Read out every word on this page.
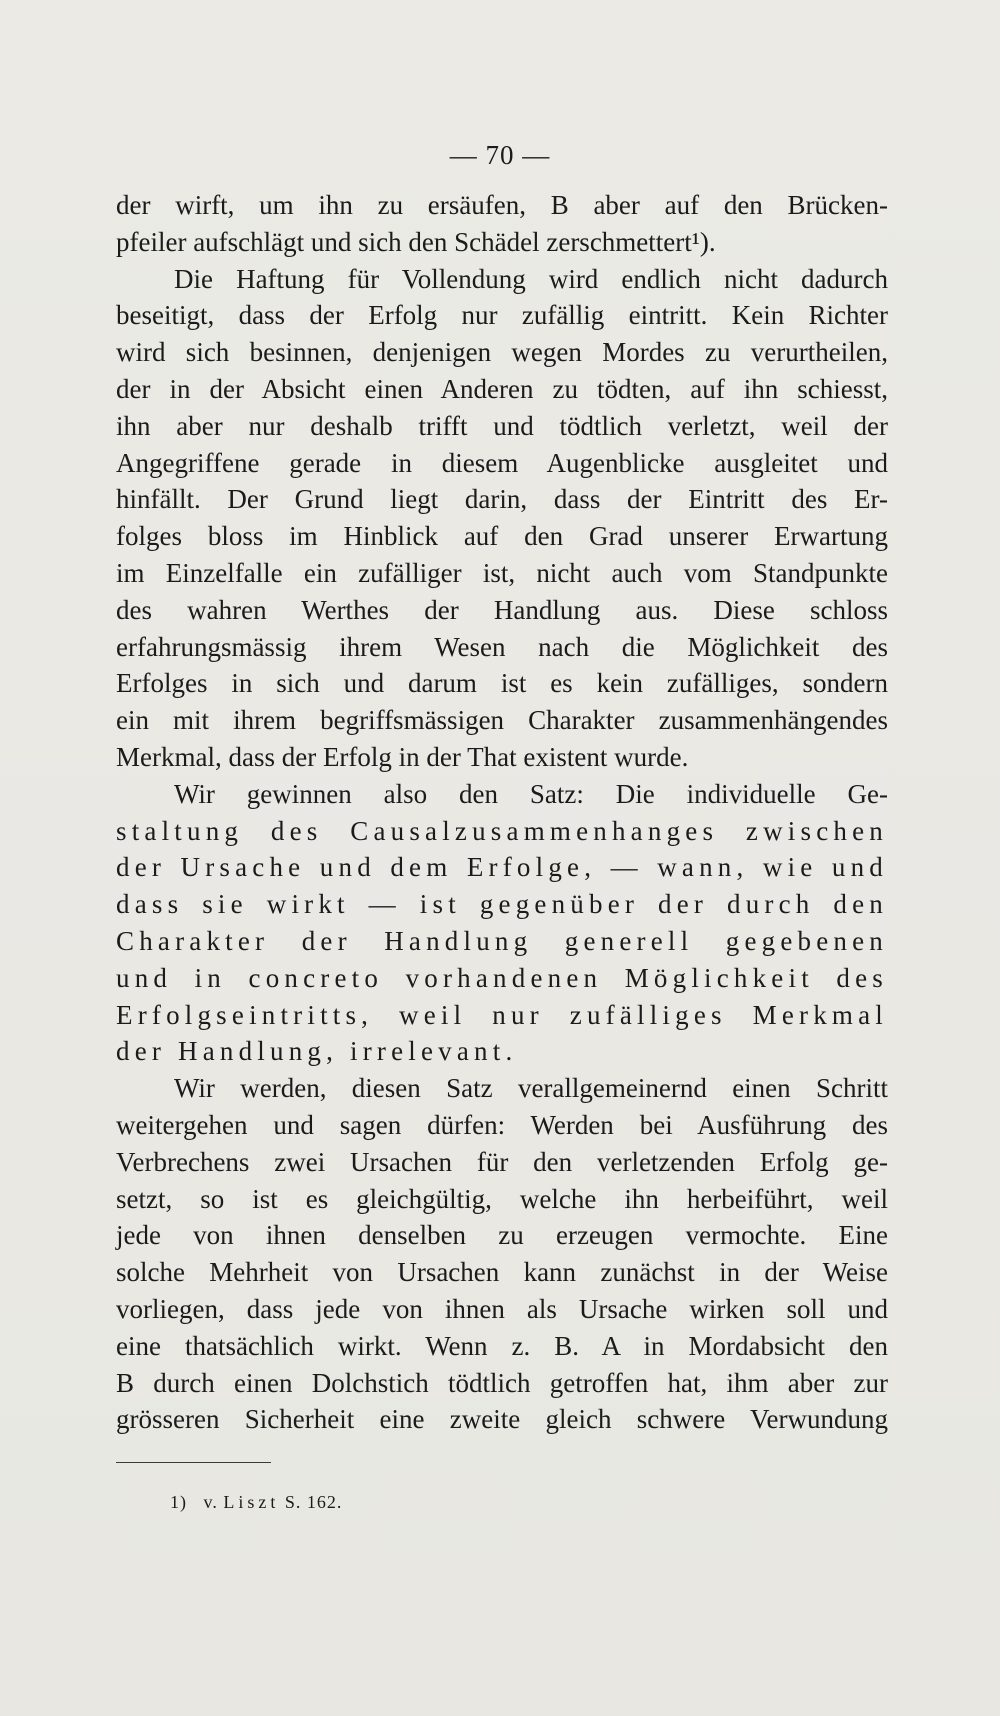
— 70 —
der wirft, um ihn zu ersäufen, B aber auf den Brücken-
pfeiler aufschlägt und sich den Schädel zerschmettert¹).
Die Haftung für Vollendung wird endlich nicht dadurch
beseitigt, dass der Erfolg nur zufällig eintritt. Kein Richter
wird sich besinnen, denjenigen wegen Mordes zu verurtheilen,
der in der Absicht einen Anderen zu tödten, auf ihn schiesst,
ihn aber nur deshalb trifft und tödtlich verletzt, weil der
Angegriffene gerade in diesem Augenblicke ausgleitet und
hinfällt. Der Grund liegt darin, dass der Eintritt des Er-
folges bloss im Hinblick auf den Grad unserer Erwartung
im Einzelfalle ein zufälliger ist, nicht auch vom Standpunkte
des wahren Werthes der Handlung aus. Diese schloss
erfahrungsmässig ihrem Wesen nach die Möglichkeit des
Erfolges in sich und darum ist es kein zufälliges, sondern
ein mit ihrem begriffsmässigen Charakter zusammenhängendes
Merkmal, dass der Erfolg in der That existent wurde.
Wir gewinnen also den Satz: Die individuelle Ge-
staltung des Causalzusammenhanges zwischen
der Ursache und dem Erfolge, — wann, wie und
dass sie wirkt — ist gegenüber der durch den
Charakter der Handlung generell gegebenen
und in concreto vorhandenen Möglichkeit des
Erfolgseintritts, weil nur zufälliges Merkmal
der Handlung, irrelevant.
Wir werden, diesen Satz verallgemeinernd einen Schritt
weitergehen und sagen dürfen: Werden bei Ausführung des
Verbrechens zwei Ursachen für den verletzenden Erfolg ge-
setzt, so ist es gleichgültig, welche ihn herbeiführt, weil
jede von ihnen denselben zu erzeugen vermochte. Eine
solche Mehrheit von Ursachen kann zunächst in der Weise
vorliegen, dass jede von ihnen als Ursache wirken soll und
eine thatsächlich wirkt. Wenn z. B. A in Mordabsicht den
B durch einen Dolchstich tödtlich getroffen hat, ihm aber zur
grösseren Sicherheit eine zweite gleich schwere Verwundung
1) v. Liszt S. 162.
